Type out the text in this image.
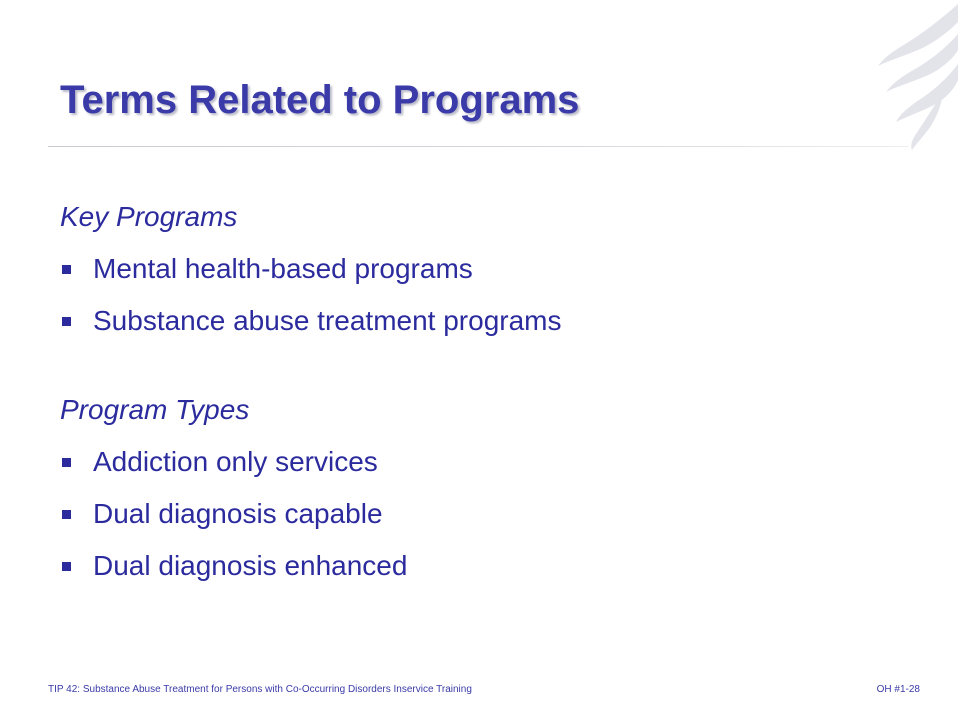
Terms Related to Programs
Key Programs
Mental health-based programs
Substance abuse treatment programs
Program Types
Addiction only services
Dual diagnosis capable
Dual diagnosis enhanced
TIP 42: Substance Abuse Treatment for Persons with Co-Occurring Disorders Inservice Training	OH #1-28
